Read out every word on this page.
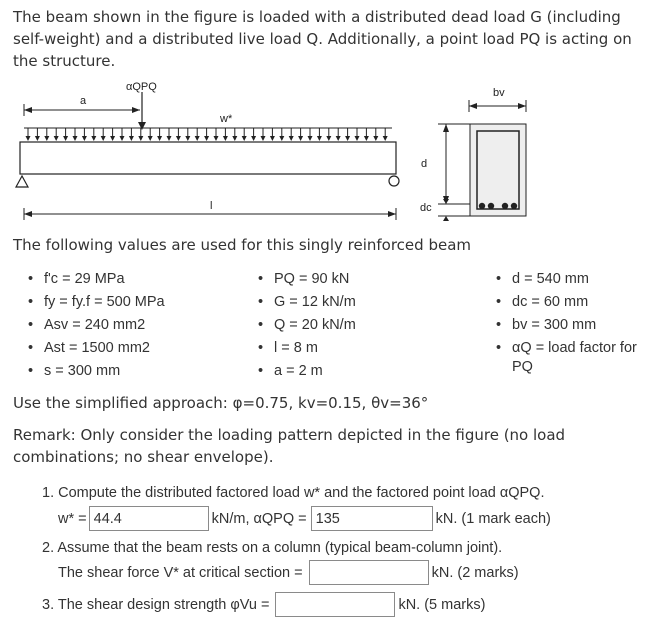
The beam shown in the figure is loaded with a distributed dead load G (including self-weight) and a distributed live load Q. Additionally, a point load PQ is acting on the structure.

a
αQPQ
w*
l
d
dc
bv

The following values are used for this singly reinforced beam

• f'c = 29 MPa
• fy = fy.f = 500 MPa
• Asv = 240 mm2
• Ast = 1500 mm2
• s = 300 mm
• PQ = 90 kN
• G = 12 kN/m
• Q = 20 kN/m
• l = 8 m
• a = 2 m
• d = 540 mm
• dc = 60 mm
• bv = 300 mm
• αQ = load factor for PQ

Use the simplified approach: φ=0.75, kv=0.15, θv=36°

Remark: Only consider the loading pattern depicted in the figure (no load combinations; no shear envelope).

1. Compute the distributed factored load w* and the factored point load αQPQ.
w* =
44.4	kN/m, αQPQ =
135	kN. (1 mark each)
2. Assume that the beam rests on a column (typical beam-column joint).
The shear force V* at critical section =	kN. (2 marks)
3. The shear design strength φVu =	kN. (5 marks)
